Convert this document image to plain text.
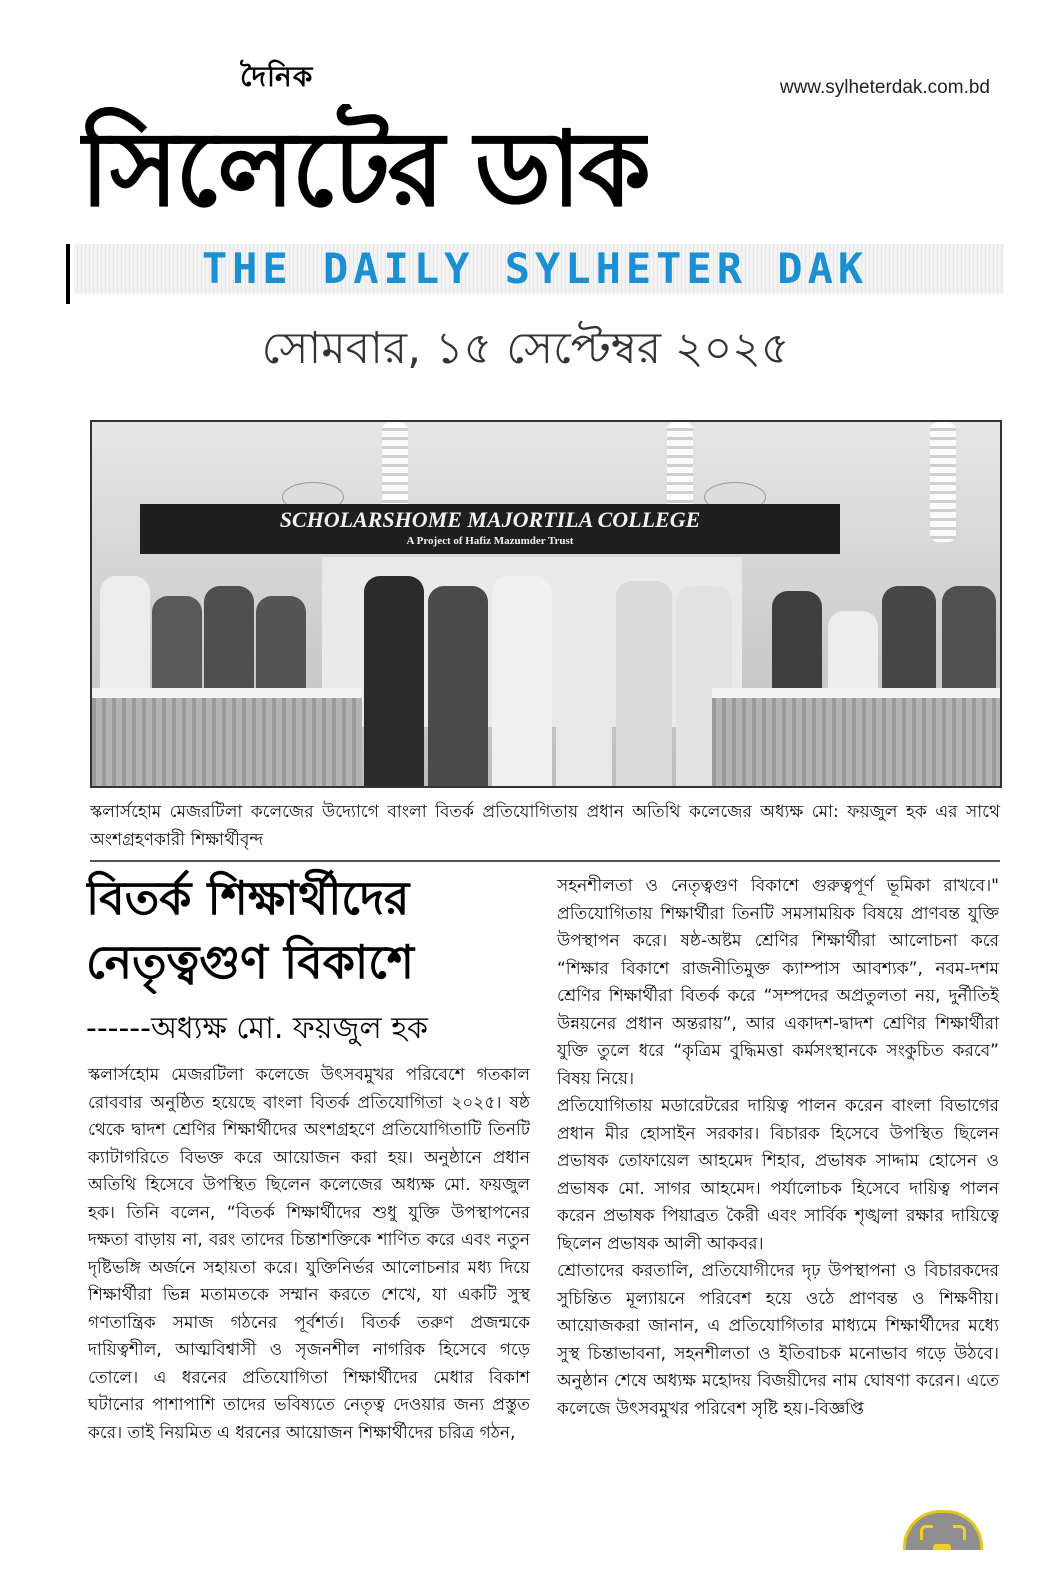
দৈনিক	www.sylheterdak.com.bd
সিলেটের ডাক
THE DAILY SYLHETER DAK
সোমবার, ১৫ সেপ্টেম্বর ২০২৫
SCHOLARSHOME MAJORTILA COLLEGE
A Project of Hafiz Mazumder Trust
স্কলার্সহোম মেজরটিলা কলেজের উদ্যোগে বাংলা বিতর্ক প্রতিযোগিতায় প্রধান অতিথি কলেজের অধ্যক্ষ মো: ফয়জুল হক এর সাথে অংশগ্রহণকারী শিক্ষার্থীবৃন্দ
বিতর্ক শিক্ষার্থীদের নেতৃত্বগুণ বিকাশে
------অধ্যক্ষ মো. ফয়জুল হক

স্কলার্সহোম মেজরটিলা কলেজে উৎসবমুখর পরিবেশে গতকাল রোববার অনুষ্ঠিত হয়েছে বাংলা বিতর্ক প্রতিযোগিতা ২০২৫। ষষ্ঠ থেকে দ্বাদশ শ্রেণির শিক্ষার্থীদের অংশগ্রহণে প্রতিযোগিতাটি তিনটি ক্যাটাগরিতে বিভক্ত করে আয়োজন করা হয়। অনুষ্ঠানে প্রধান অতিথি হিসেবে উপস্থিত ছিলেন কলেজের অধ্যক্ষ মো. ফয়জুল হক। তিনি বলেন, “বিতর্ক শিক্ষার্থীদের শুধু যুক্তি উপস্থাপনের দক্ষতা বাড়ায় না, বরং তাদের চিন্তাশক্তিকে শাণিত করে এবং নতুন দৃষ্টিভঙ্গি অর্জনে সহায়তা করে। যুক্তিনির্ভর আলোচনার মধ্য দিয়ে শিক্ষার্থীরা ভিন্ন মতামতকে সম্মান করতে শেখে, যা একটি সুস্থ গণতান্ত্রিক সমাজ গঠনের পূর্বশর্ত। বিতর্ক তরুণ প্রজন্মকে দায়িত্বশীল, আত্মবিশ্বাসী ও সৃজনশীল নাগরিক হিসেবে গড়ে তোলে। এ ধরনের প্রতিযোগিতা শিক্ষার্থীদের মেধার বিকাশ ঘটানোর পাশাপাশি তাদের ভবিষ্যতে নেতৃত্ব দেওয়ার জন্য প্রস্তুত করে। তাই নিয়মিত এ ধরনের আয়োজন শিক্ষার্থীদের চরিত্র গঠন,

সহনশীলতা ও নেতৃত্বগুণ বিকাশে গুরুত্বপূর্ণ ভূমিকা রাখবে।" প্রতিযোগিতায় শিক্ষার্থীরা তিনটি সমসাময়িক বিষয়ে প্রাণবন্ত যুক্তি উপস্থাপন করে। ষষ্ঠ-অষ্টম শ্রেণির শিক্ষার্থীরা আলোচনা করে “শিক্ষার বিকাশে রাজনীতিমুক্ত ক্যাম্পাস আবশ্যক”, নবম-দশম শ্রেণির শিক্ষার্থীরা বিতর্ক করে “সম্পদের অপ্রতুলতা নয়, দুর্নীতিই উন্নয়নের প্রধান অন্তরায়”, আর একাদশ-দ্বাদশ শ্রেণির শিক্ষার্থীরা যুক্তি তুলে ধরে “কৃত্রিম বুদ্ধিমত্তা কর্মসংস্থানকে সংকুচিত করবে” বিষয় নিয়ে।

প্রতিযোগিতায় মডারেটরের দায়িত্ব পালন করেন বাংলা বিভাগের প্রধান মীর হোসাইন সরকার। বিচারক হিসেবে উপস্থিত ছিলেন প্রভাষক তোফায়েল আহমেদ শিহাব, প্রভাষক সাদ্দাম হোসেন ও প্রভাষক মো. সাগর আহমেদ। পর্যালোচক হিসেবে দায়িত্ব পালন করেন প্রভাষক পিয়াব্রত কৈরী এবং সার্বিক শৃঙ্খলা রক্ষার দায়িত্বে ছিলেন প্রভাষক আলী আকবর।

শ্রোতাদের করতালি, প্রতিযোগীদের দৃঢ় উপস্থাপনা ও বিচারকদের সুচিন্তিত মূল্যায়নে পরিবেশ হয়ে ওঠে প্রাণবন্ত ও শিক্ষণীয়। আয়োজকরা জানান, এ প্রতিযোগিতার মাধ্যমে শিক্ষার্থীদের মধ্যে সুস্থ চিন্তাভাবনা, সহনশীলতা ও ইতিবাচক মনোভাব গড়ে উঠবে। অনুষ্ঠান শেষে অধ্যক্ষ মহোদয় বিজয়ীদের নাম ঘোষণা করেন। এতে কলেজে উৎসবমুখর পরিবেশ সৃষ্টি হয়।-বিজ্ঞপ্তি
